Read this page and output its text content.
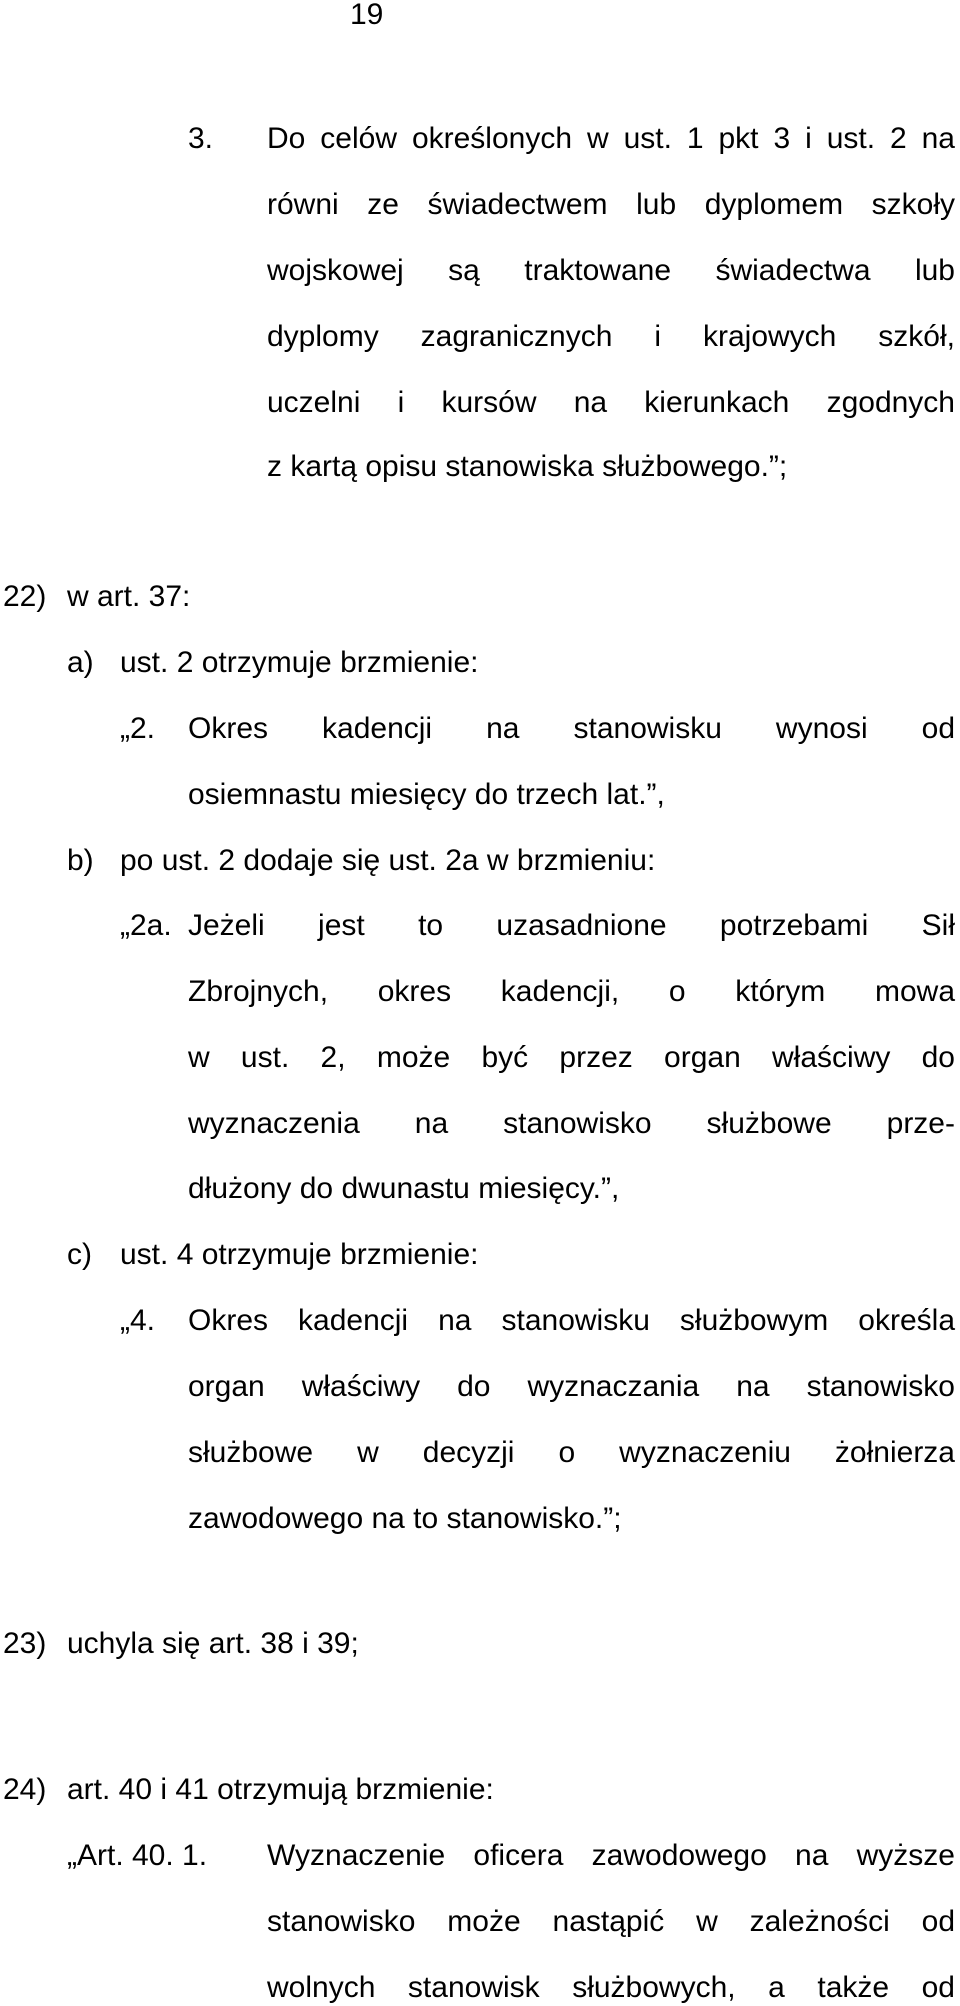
19
3. Do celów określonych w ust. 1 pkt 3 i ust. 2 na
równi ze świadectwem lub dyplomem szkoły
wojskowej są traktowane świadectwa lub
dyplomy zagranicznych i krajowych szkół,
uczelni i kursów na kierunkach zgodnych
z kartą opisu stanowiska służbowego.”;
22) w art. 37:
a) ust. 2 otrzymuje brzmienie:
„2. Okres kadencji na stanowisku wynosi od
osiemnastu miesięcy do trzech lat.”,
b) po ust. 2 dodaje się ust. 2a w brzmieniu:
„2a. Jeżeli jest to uzasadnione potrzebami Sił
Zbrojnych, okres kadencji, o którym mowa
w ust. 2, może być przez organ właściwy do
wyznaczenia na stanowisko służbowe prze-
dłużony do dwunastu miesięcy.”,
c) ust. 4 otrzymuje brzmienie:
„4. Okres kadencji na stanowisku służbowym określa
organ właściwy do wyznaczania na stanowisko
służbowe w decyzji o wyznaczeniu żołnierza
zawodowego na to stanowisko.”;
23) uchyla się art. 38 i 39;
24) art. 40 i 41 otrzymują brzmienie:
„Art. 40. 1. Wyznaczenie oficera zawodowego na wyższe
stanowisko może nastąpić w zależności od
wolnych stanowisk służbowych, a także od
